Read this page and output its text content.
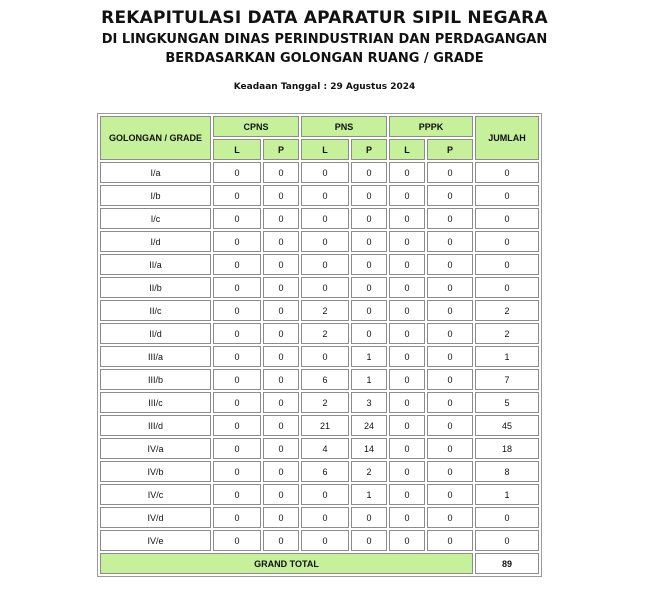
REKAPITULASI DATA APARATUR SIPIL NEGARA
DI LINGKUNGAN DINAS PERINDUSTRIAN DAN PERDAGANGAN
BERDASARKAN GOLONGAN RUANG / GRADE
Keadaan Tanggal : 29 Agustus 2024
GOLONGAN / GRADE	CPNS		PNS		PPPK		JUMLAH
	L	P	L	P	L	P	
I/a	0	0	0	0	0	0	0
I/b	0	0	0	0	0	0	0
I/c	0	0	0	0	0	0	0
I/d	0	0	0	0	0	0	0
II/a	0	0	0	0	0	0	0
II/b	0	0	0	0	0	0	0
II/c	0	0	2	0	0	0	2
II/d	0	0	2	0	0	0	2
III/a	0	0	0	1	0	0	1
III/b	0	0	6	1	0	0	7
III/c	0	0	2	3	0	0	5
III/d	0	0	21	24	0	0	45
IV/a	0	0	4	14	0	0	18
IV/b	0	0	6	2	0	0	8
IV/c	0	0	0	1	0	0	1
IV/d	0	0	0	0	0	0	0
IV/e	0	0	0	0	0	0	0
GRAND TOTAL							89
